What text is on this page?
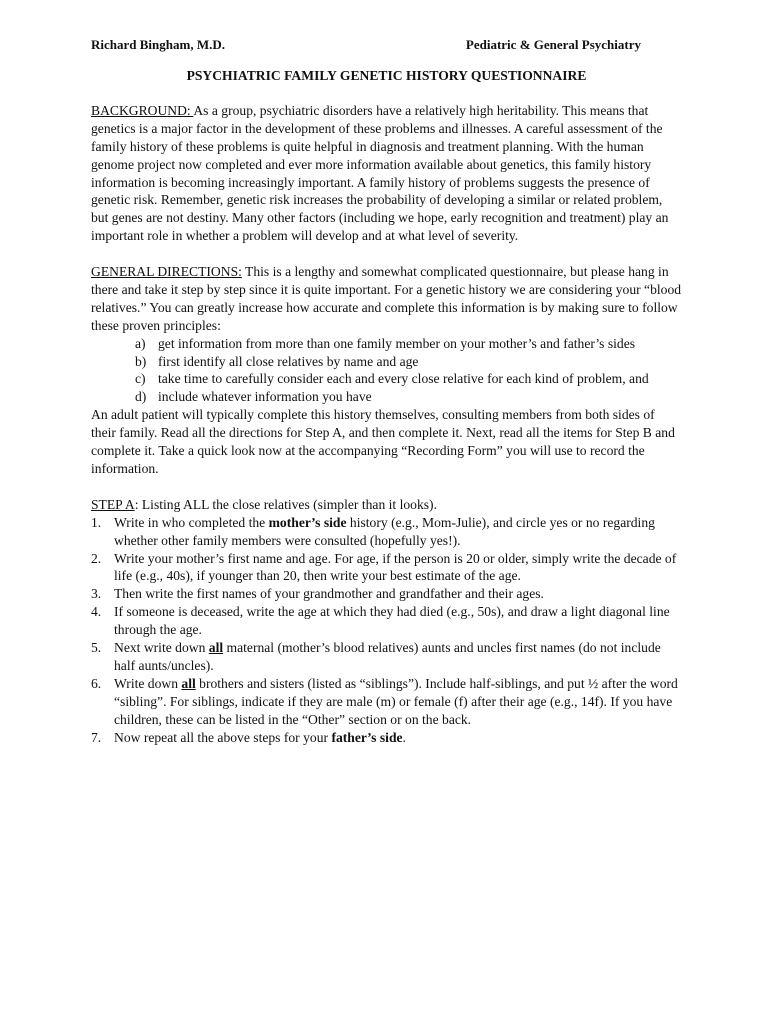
Richard Bingham, M.D.	Pediatric & General Psychiatry
PSYCHIATRIC FAMILY GENETIC HISTORY QUESTIONNAIRE

BACKGROUND: As a group, psychiatric disorders have a relatively high heritability. This means that genetics is a major factor in the development of these problems and illnesses. A careful assessment of the family history of these problems is quite helpful in diagnosis and treatment planning. With the human genome project now completed and ever more information available about genetics, this family history information is becoming increasingly important. A family history of problems suggests the presence of genetic risk. Remember, genetic risk increases the probability of developing a similar or related problem, but genes are not destiny. Many other factors (including we hope, early recognition and treatment) play an important role in whether a problem will develop and at what level of severity.

GENERAL DIRECTIONS: This is a lengthy and somewhat complicated questionnaire, but please hang in there and take it step by step since it is quite important. For a genetic history we are considering your “blood relatives.” You can greatly increase how accurate and complete this information is by making sure to follow these proven principles:

a) get information from more than one family member on your mother’s and father’s sides
b) first identify all close relatives by name and age
c) take time to carefully consider each and every close relative for each kind of problem, and
d) include whatever information you have

An adult patient will typically complete this history themselves, consulting members from both sides of their family. Read all the directions for Step A, and then complete it. Next, read all the items for Step B and complete it. Take a quick look now at the accompanying “Recording Form” you will use to record the information.

STEP A: Listing ALL the close relatives (simpler than it looks).

1. Write in who completed the mother’s side history (e.g., Mom-Julie), and circle yes or no regarding whether other family members were consulted (hopefully yes!).
2. Write your mother’s first name and age. For age, if the person is 20 or older, simply write the decade of life (e.g., 40s), if younger than 20, then write your best estimate of the age.
3. Then write the first names of your grandmother and grandfather and their ages.
4. If someone is deceased, write the age at which they had died (e.g., 50s), and draw a light diagonal line through the age.
5. Next write down all maternal (mother’s blood relatives) aunts and uncles first names (do not include half aunts/uncles).
6. Write down all brothers and sisters (listed as “siblings”). Include half-siblings, and put ½ after the word “sibling”. For siblings, indicate if they are male (m) or female (f) after their age (e.g., 14f). If you have children, these can be listed in the “Other” section or on the back.
7. Now repeat all the above steps for your father’s side.
